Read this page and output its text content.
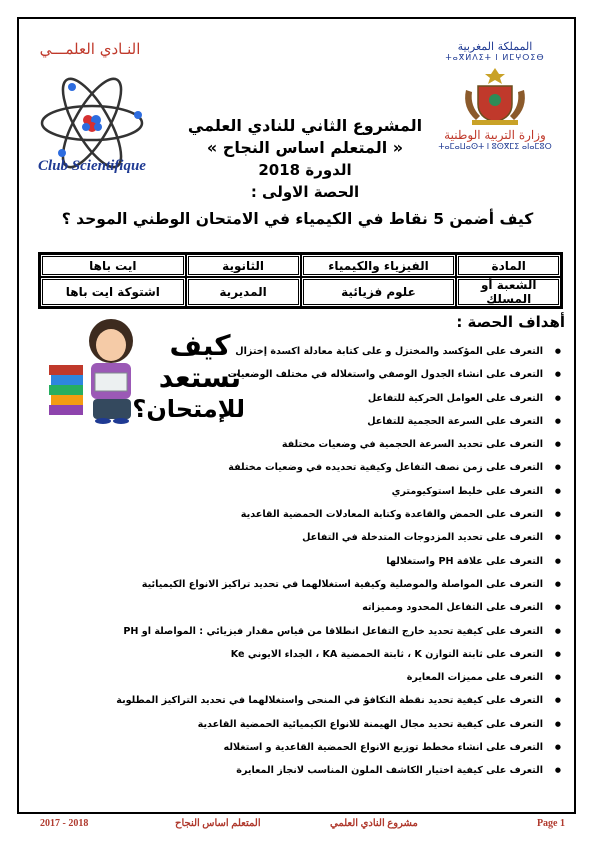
النـادي العلمـــي
Club Scientifique
المملكة المغربية
ⵜⴰⴳⵍⴷⵉⵜ ⵏ ⵍⵎⵖⵔⵉⴱ
وزارة التربية الوطنية
ⵜⴰⵎⴰⵡⴰⵙⵜ ⵏ ⵓⵙⴳⵎⵉ ⴰⵏⴰⵎⵓⵔ
المشروع الثاني للنادي العلمي
« المتعلم اساس النجاح »
الدورة 2018
الحصة الاولى :
كيف أضمن 5 نقاط في الكيمياء في الامتحان الوطني الموحد ؟
المادة	الفيزياء والكيمياء	الثانوية	ايت باها
الشعبة أو المسلك	علوم فزيائية	المديرية	اشتوكة ايت باها
أهداف الحصة :
كيف
تستعد
للإمتحان؟
● التعرف على المؤكسد والمختزل و على كتابة معادلة اكسدة إختزال
● التعرف على انشاء الجدول الوصفي واستغلاله في مختلف الوضعيات
● التعرف على العوامل الحركية للتفاعل
● التعرف على السرعة الحجمية للتفاعل
● التعرف على تحديد السرعة الحجمية في وضعيات مختلفة
● التعرف على زمن نصف التفاعل وكيفية تحديده في وضعيات مختلفة
● التعرف على خليط استوكيومتري
● التعرف على الحمض والقاعدة وكتابة المعادلات الحمضية القاعدية
● التعرف على تحديد المزدوجات المتدخلة في التفاعل
● التعرف على علاقة PH واستغلالها
● التعرف على المواصلة والموصلية وكيفية استغلالهما في تحديد تراكيز الانواع الكيميائية
● التعرف على التفاعل المحدود ومميزاته
● التعرف على كيفية تحديد خارج التفاعل انطلاقا من قياس مقدار فيزيائي : المواصلة او PH
● التعرف على ثابتة التوازن K ، ثابتة الحمضية KA ، الجداء الايوني Ke
● التعرف على مميزات المعايرة
● التعرف على كيفية تحديد نقطة التكافؤ في المنحى واستغلالهما في تحديد التراكيز المطلوبة
● التعرف على كيفية تحديد مجال الهيمنة للانواع الكيميائية الحمضية القاعدية
● التعرف على انشاء مخطط توزيع الانواع الحمضية القاعدية و استغلاله
● التعرف على كيفية اختيار الكاشف الملون المناسب لانجاز المعايرة
2017 - 2018	المتعلم اساس النجاح	مشروع النادي العلمي	Page 1
